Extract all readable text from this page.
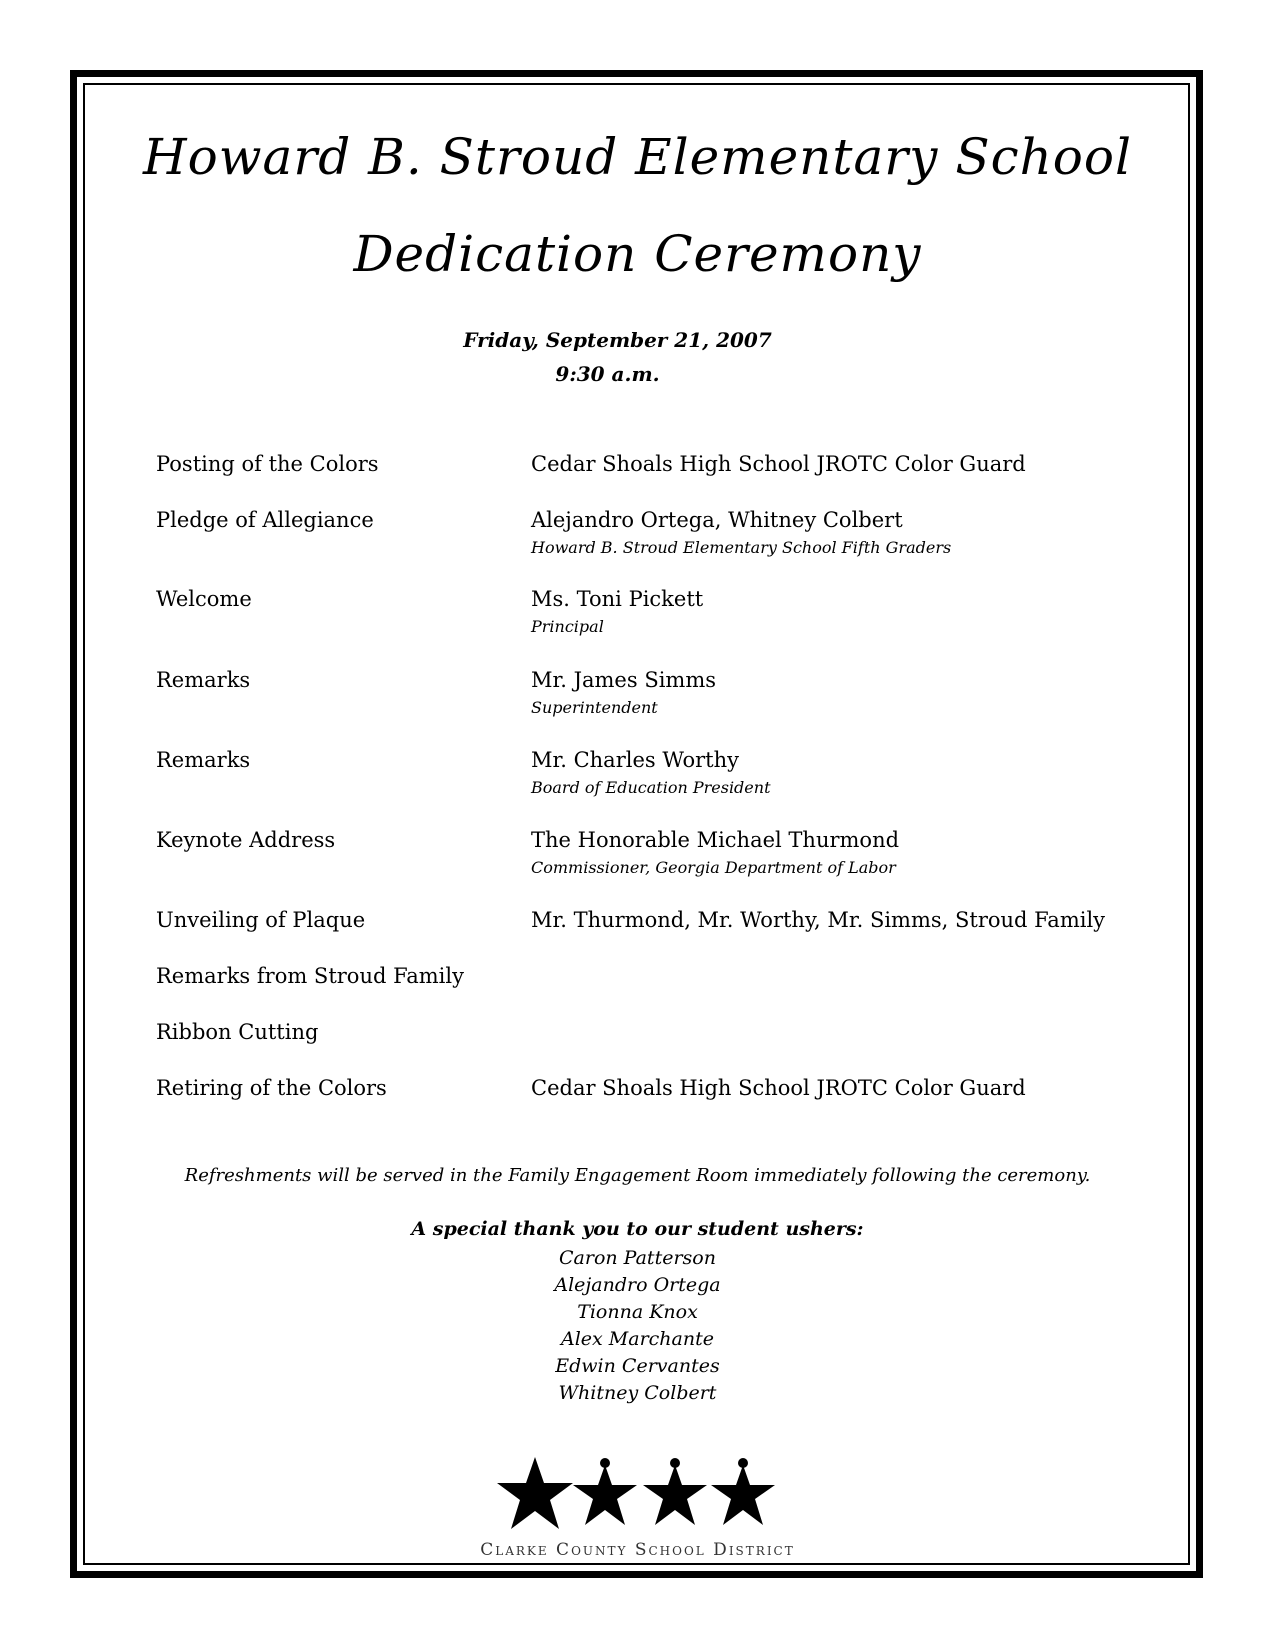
Howard B. Stroud Elementary School
Dedication Ceremony
Friday, September 21, 2007
9:30 a.m.
Posting of the Colors	Cedar Shoals High School JROTC Color Guard
Pledge of Allegiance	Alejandro Ortega, Whitney Colbert
Howard B. Stroud Elementary School Fifth Graders
Welcome	Ms. Toni Pickett
Principal
Remarks	Mr. James Simms
Superintendent
Remarks	Mr. Charles Worthy
Board of Education President
Keynote Address	The Honorable Michael Thurmond
Commissioner, Georgia Department of Labor
Unveiling of Plaque	Mr. Thurmond, Mr. Worthy, Mr. Simms, Stroud Family
Remarks from Stroud Family
Ribbon Cutting
Retiring of the Colors	Cedar Shoals High School JROTC Color Guard
Refreshments will be served in the Family Engagement Room immediately following the ceremony.
A special thank you to our student ushers:
Caron Patterson
Alejandro Ortega
Tionna Knox
Alex Marchante
Edwin Cervantes
Whitney Colbert
Clarke County School District
